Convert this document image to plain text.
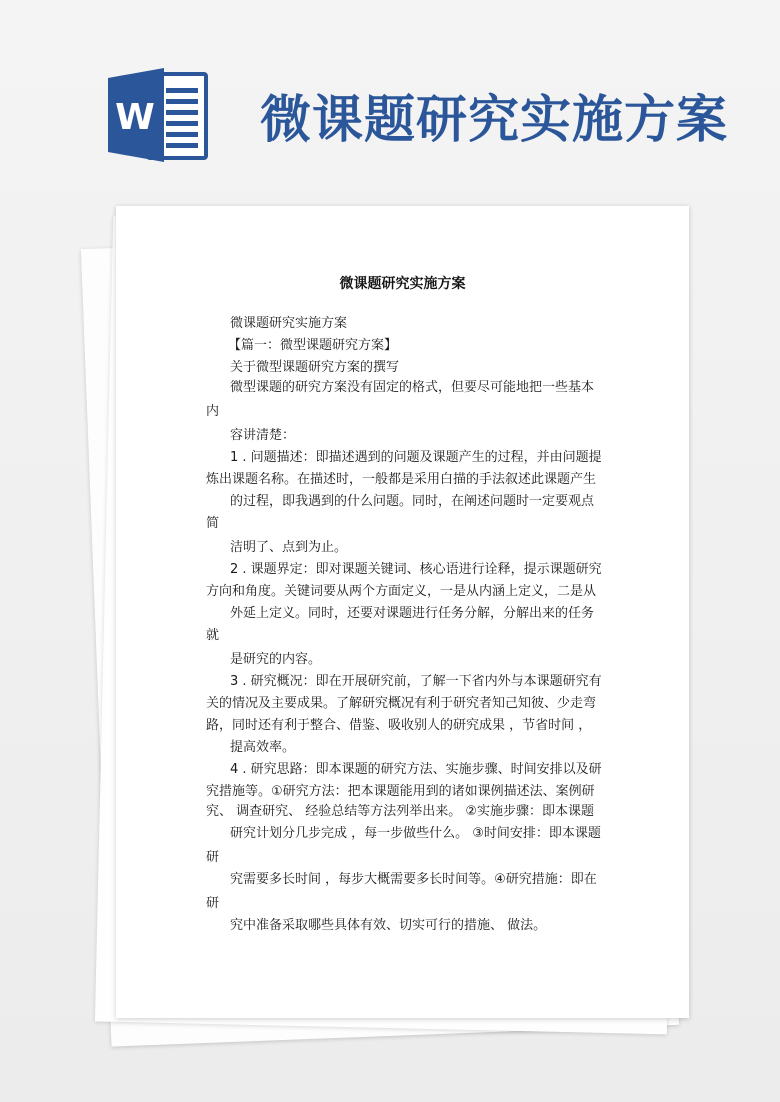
W 微课题研究实施方案
微课题研究实施方案
微课题研究实施方案
【篇一：微型课题研究方案】
关于微型课题研究方案的撰写
微型课题的研究方案没有固定的格式，但要尽可能地把一些基本
内
容讲清楚：
1 . 问题描述：即描述遇到的问题及课题产生的过程，并由问题提
炼出课题名称。在描述时，一般都是采用白描的手法叙述此课题产生
的过程，即我遇到的什么问题。同时，在阐述问题时一定要观点
简
洁明了、点到为止。
2 . 课题界定：即对课题关键词、核心语进行诠释，提示课题研究
方向和角度。关键词要从两个方面定义，一是从内涵上定义，二是从
外延上定义。同时，还要对课题进行任务分解，分解出来的任务
就
是研究的内容。
3 . 研究概况：即在开展研究前，了解一下省内外与本课题研究有
关的情况及主要成果。了解研究概况有利于研究者知己知彼、少走弯
路，同时还有利于整合、借鉴、吸收别人的研究成果 ，节省时间 ，
提高效率。
4 . 研究思路：即本课题的研究方法、实施步骤、时间安排以及研
究措施等。①研究方法：把本课题能用到的诸如课例描述法、案例研
究、 调查研究、 经验总结等方法列举出来。 ②实施步骤：即本课题
研究计划分几步完成 ，每一步做些什么。 ③时间安排：即本课题
研
究需要多长时间 ，每步大概需要多长时间等。④研究措施：即在
研
究中准备采取哪些具体有效、切实可行的措施、 做法。
